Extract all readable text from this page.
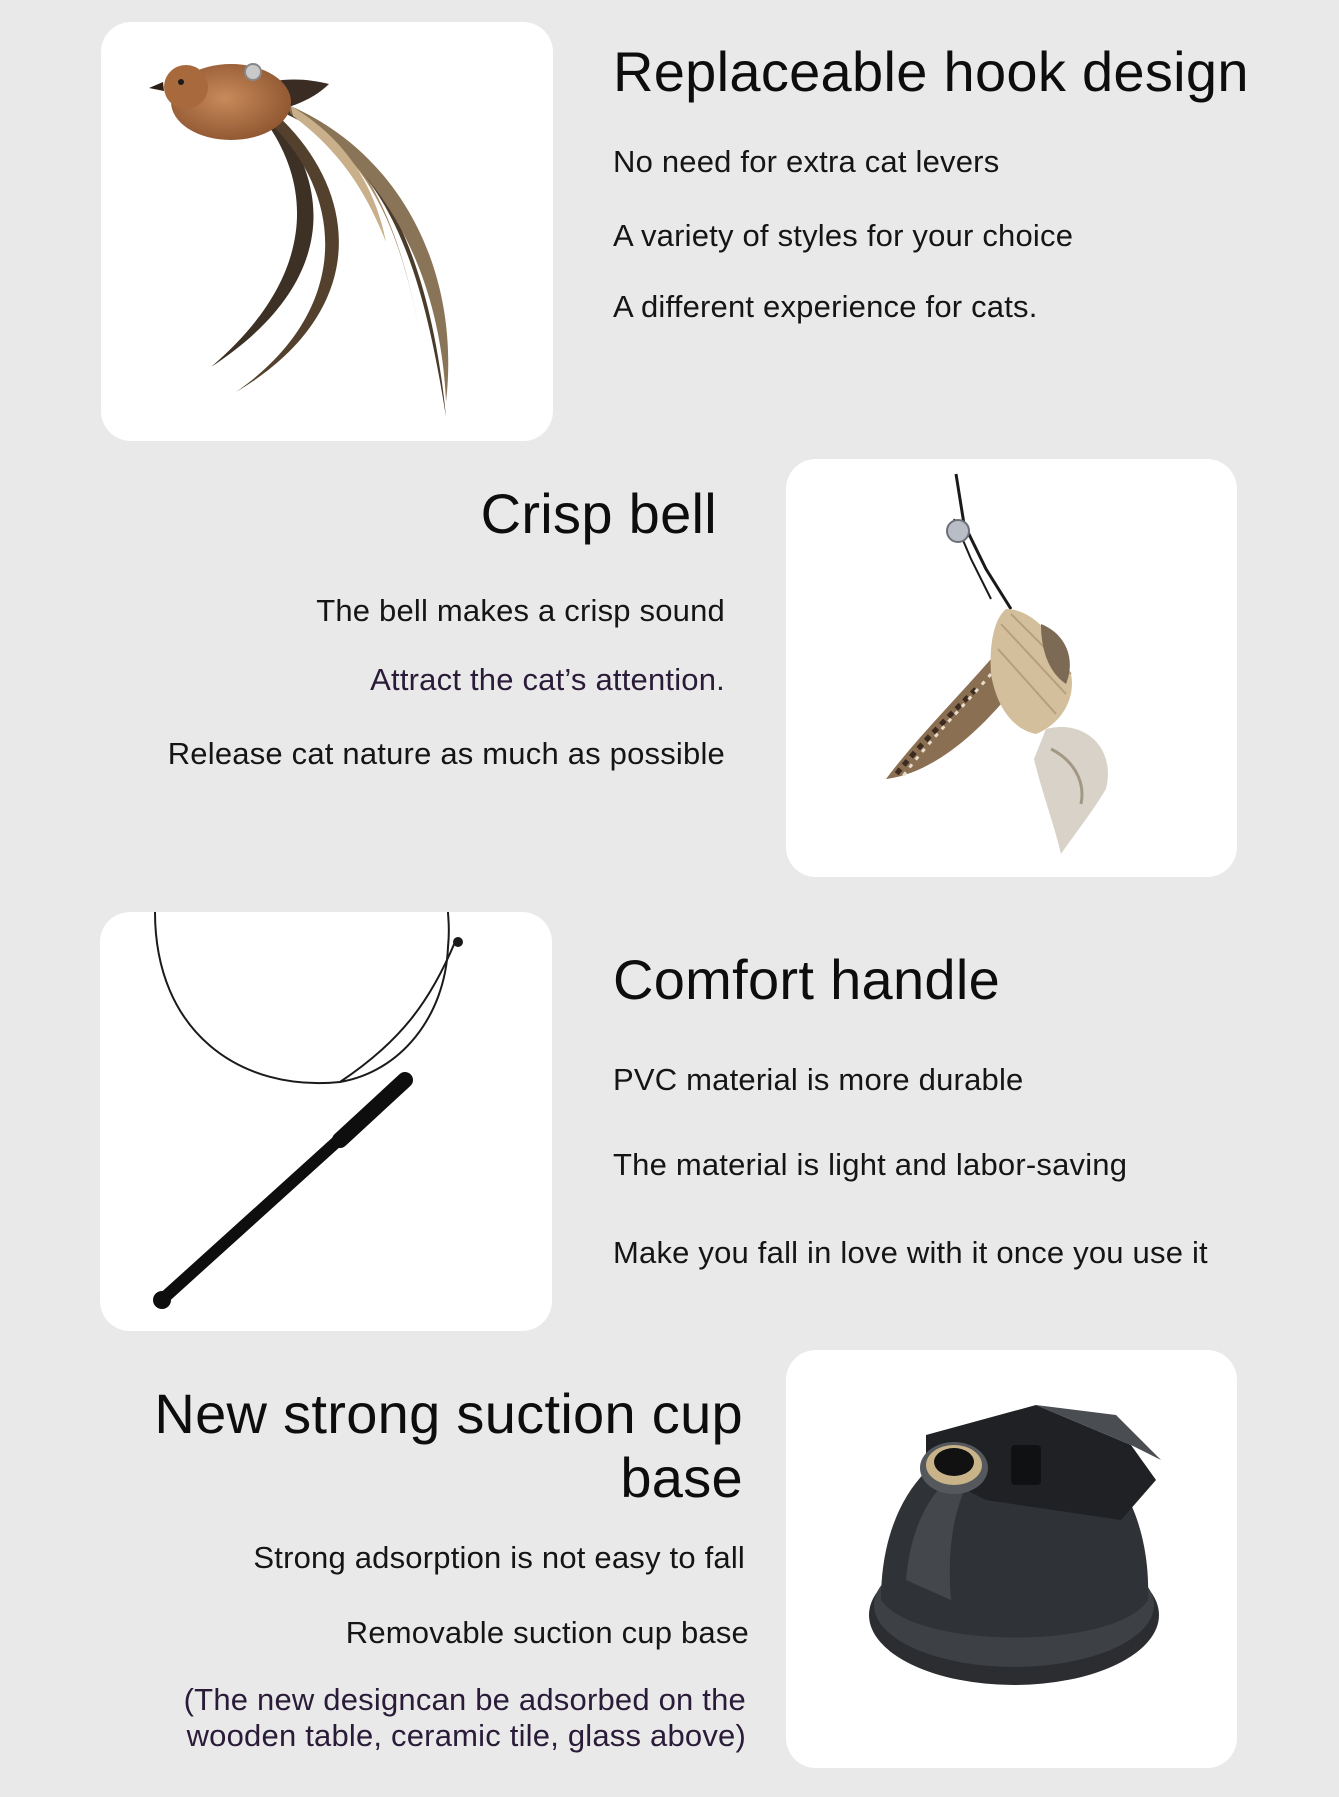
Replaceable hook design

No need for extra cat levers

A variety of styles for your choice

A different experience for cats.

Crisp bell

The bell makes a crisp sound

Attract the cat’s attention.

Release cat nature as much as possible

Comfort handle

PVC material is more durable

The material is light and labor-saving

Make you fall in love with it once you use it

New strong suction cup
base

Strong adsorption is not easy to fall

Removable suction cup base

(The new designcan be adsorbed on the

wooden table, ceramic tile, glass above)
